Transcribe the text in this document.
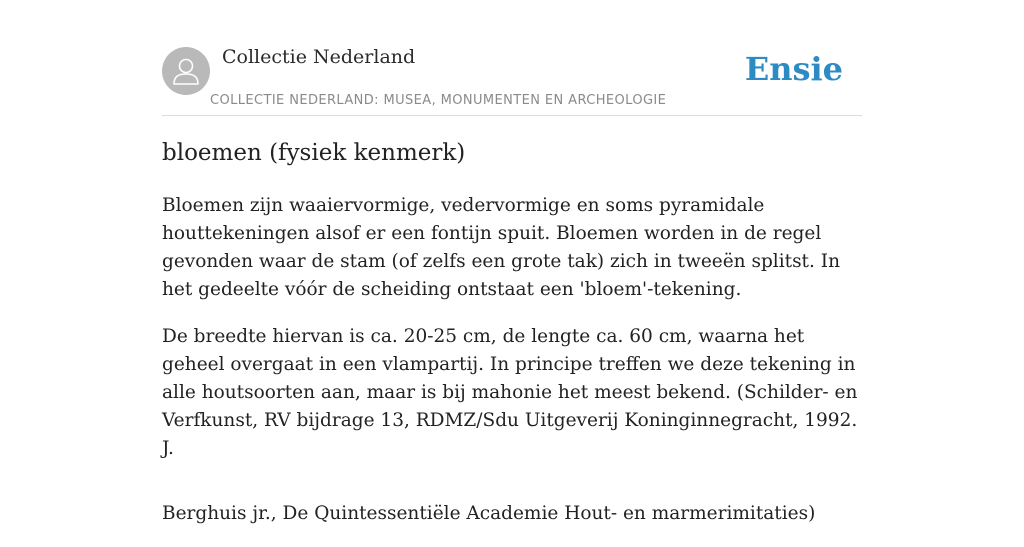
Collectie Nederland
COLLECTIE NEDERLAND: MUSEA, MONUMENTEN EN ARCHEOLOGIE
Ensie
bloemen (fysiek kenmerk)

Bloemen zijn waaiervormige, vedervormige en soms pyramidale houttekeningen alsof er een fontijn spuit. Bloemen worden in de regel gevonden waar de stam (of zelfs een grote tak) zich in tweeën splitst. In het gedeelte vóór de scheiding ontstaat een 'bloem'-tekening.

De breedte hiervan is ca. 20-25 cm, de lengte ca. 60 cm, waarna het geheel overgaat in een vlampartij. In principe treffen we deze tekening in alle houtsoorten aan, maar is bij mahonie het meest bekend. (Schilder- en Verfkunst, RV bijdrage 13, RDMZ/Sdu Uitgeverij Koninginnegracht, 1992. J.

Berghuis jr., De Quintessentiële Academie Hout- en marmerimitaties)
